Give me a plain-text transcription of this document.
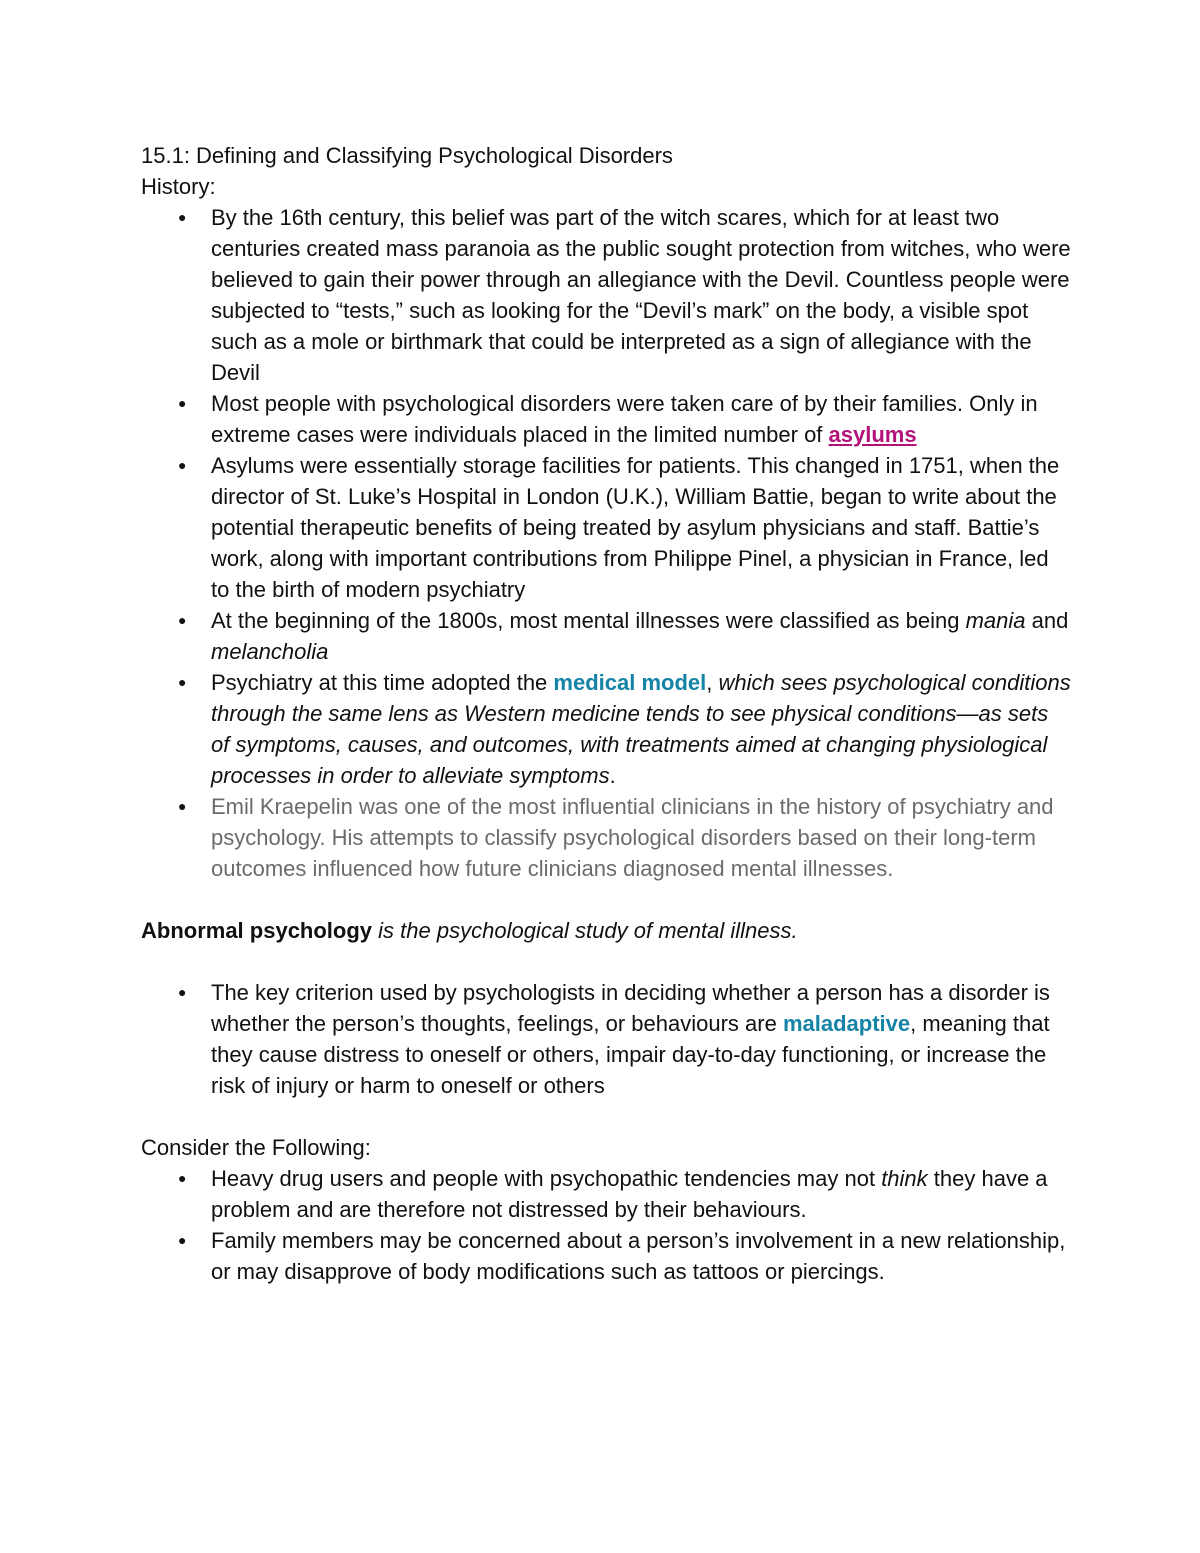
15.1: Defining and Classifying Psychological Disorders

History:

● By the 16th century, this belief was part of the witch scares, which for at least two centuries created mass paranoia as the public sought protection from witches, who were believed to gain their power through an allegiance with the Devil. Countless people were subjected to “tests,” such as looking for the “Devil’s mark” on the body, a visible spot such as a mole or birthmark that could be interpreted as a sign of allegiance with the Devil
● Most people with psychological disorders were taken care of by their families. Only in extreme cases were individuals placed in the limited number of asylums
● Asylums were essentially storage facilities for patients. This changed in 1751, when the director of St. Luke’s Hospital in London (U.K.), William Battie, began to write about the potential therapeutic benefits of being treated by asylum physicians and staff. Battie’s work, along with important contributions from Philippe Pinel, a physician in France, led to the birth of modern psychiatry
● At the beginning of the 1800s, most mental illnesses were classified as being mania and melancholia
● Psychiatry at this time adopted the medical model, which sees psychological conditions through the same lens as Western medicine tends to see physical conditions—as sets of symptoms, causes, and outcomes, with treatments aimed at changing physiological processes in order to alleviate symptoms.
● Emil Kraepelin was one of the most influential clinicians in the history of psychiatry and psychology. His attempts to classify psychological disorders based on their long-term outcomes influenced how future clinicians diagnosed mental illnesses.

Abnormal psychology is the psychological study of mental illness.

● The key criterion used by psychologists in deciding whether a person has a disorder is whether the person’s thoughts, feelings, or behaviours are maladaptive, meaning that they cause distress to oneself or others, impair day-to-day functioning, or increase the risk of injury or harm to oneself or others

Consider the Following:

● Heavy drug users and people with psychopathic tendencies may not think they have a problem and are therefore not distressed by their behaviours.
● Family members may be concerned about a person’s involvement in a new relationship, or may disapprove of body modifications such as tattoos or piercings.
